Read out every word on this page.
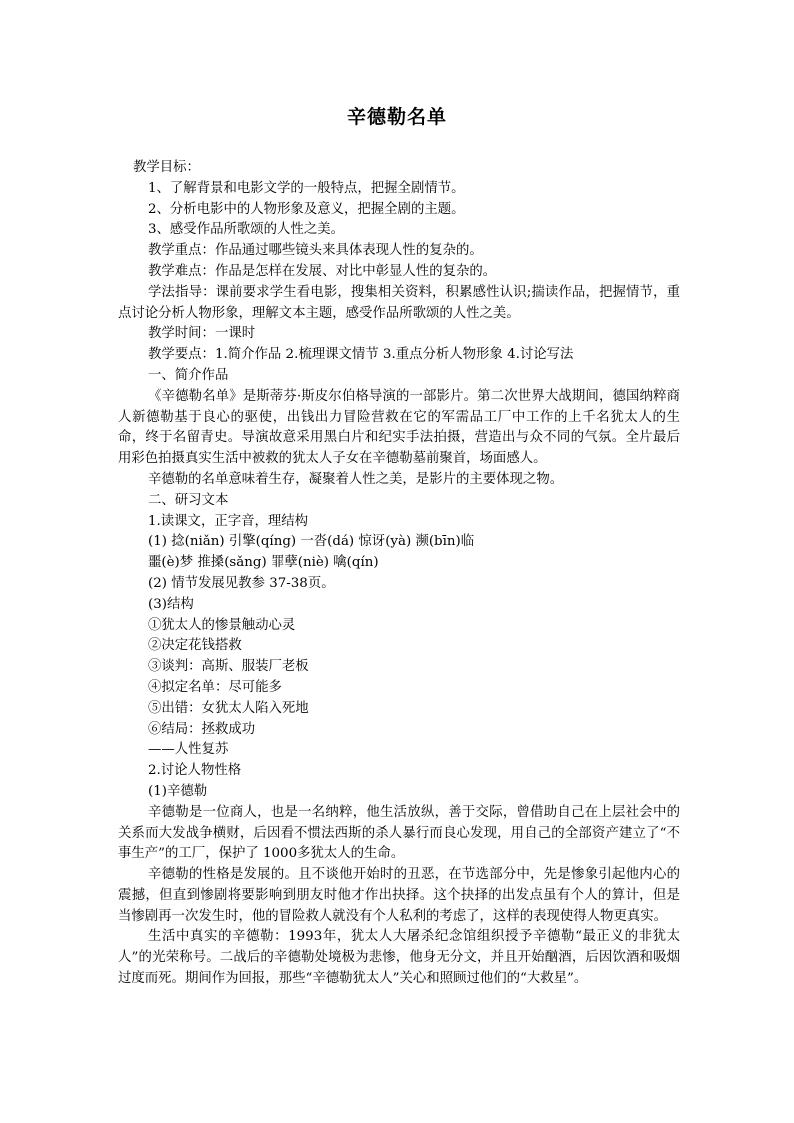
辛德勒名单

教学目标：

1、了解背景和电影文学的一般特点，把握全剧情节。

2、分析电影中的人物形象及意义，把握全剧的主题。

3、感受作品所歌颂的人性之美。

教学重点：作品通过哪些镜头来具体表现人性的复杂的。

教学难点：作品是怎样在发展、对比中彰显人性的复杂的。

学法指导：课前要求学生看电影，搜集相关资料，积累感性认识;揣读作品，把握情节，重点讨论分析人物形象，理解文本主题，感受作品所歌颂的人性之美。

教学时间：一课时

教学要点：1.简介作品 2.梳理课文情节 3.重点分析人物形象 4.讨论写法

一、简介作品

《辛德勒名单》是斯蒂芬·斯皮尔伯格导演的一部影片。第二次世界大战期间，德国纳粹商人新德勒基于良心的驱使，出钱出力冒险营救在它的军需品工厂中工作的上千名犹太人的生命，终于名留青史。导演故意采用黑白片和纪实手法拍摄，营造出与众不同的气氛。全片最后用彩色拍摄真实生活中被救的犹太人子女在辛德勒墓前聚首，场面感人。

辛德勒的名单意味着生存，凝聚着人性之美，是影片的主要体现之物。

二、研习文本

1.读课文，正字音，理结构

(1) 捻(niǎn) 引擎(qíng) 一沓(dá) 惊讶(yà) 濒(bīn)临

噩(è)梦 推搡(sǎng) 罪孽(niè) 噙(qín)

(2) 情节发展见教参 37-38页。

(3)结构

①犹太人的惨景触动心灵

②决定花钱搭救

③谈判：高斯、服装厂老板

④拟定名单：尽可能多

⑤出错：女犹太人陷入死地

⑥结局：拯救成功

——人性复苏

2.讨论人物性格

(1)辛德勒

辛德勒是一位商人，也是一名纳粹，他生活放纵，善于交际，曾借助自己在上层社会中的关系而大发战争横财，后因看不惯法西斯的杀人暴行而良心发现，用自己的全部资产建立了“不事生产”的工厂，保护了 1000多犹太人的生命。

辛德勒的性格是发展的。且不谈他开始时的丑恶，在节选部分中，先是惨象引起他内心的震撼，但直到惨剧将要影响到朋友时他才作出抉择。这个抉择的出发点虽有个人的算计，但是当惨剧再一次发生时，他的冒险救人就没有个人私利的考虑了，这样的表现使得人物更真实。

生活中真实的辛德勒：1993年，犹太人大屠杀纪念馆组织授予辛德勒“最正义的非犹太人”的光荣称号。二战后的辛德勒处境极为悲惨，他身无分文，并且开始酗酒，后因饮酒和吸烟过度而死。期间作为回报，那些“辛德勒犹太人”关心和照顾过他们的“大救星”。
